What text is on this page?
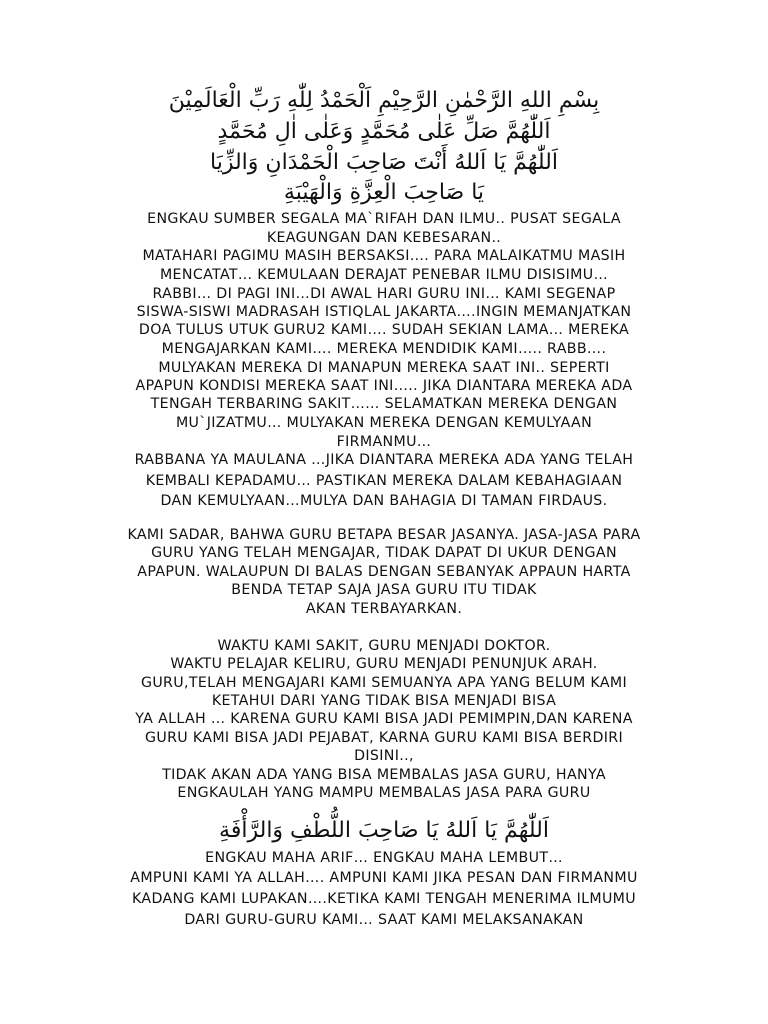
بِسْمِ اللهِ الرَّحْمٰنِ الرَّحِيْمِ اَلْحَمْدُ لِلّٰهِ رَبِّ الْعَالَمِيْنَ
اَللّٰهُمَّ صَلِّ عَلٰى مُحَمَّدٍ وَعَلٰى اٰلِ مُحَمَّدٍ
اَللّٰهُمَّ يَا اَللهُ أَنْتَ صَاحِبَ الْحَمْدَانِ وَالزِّيَا
يَا صَاحِبَ الْعِزَّةِ وَالْهَيْبَةِ
ENGKAU SUMBER SEGALA MA`RIFAH DAN ILMU.. PUSAT SEGALA
KEAGUNGAN DAN KEBESARAN..
MATAHARI PAGIMU MASIH BERSAKSI…. PARA MALAIKATMU MASIH
MENCATAT… KEMULAAN DERAJAT PENEBAR ILMU DISISIMU…
RABBI… DI PAGI INI…DI AWAL HARI GURU INI… KAMI SEGENAP
SISWA-SISWI MADRASAH ISTIQLAL JAKARTA….INGIN MEMANJATKAN
DOA TULUS UTUK GURU2 KAMI…. SUDAH SEKIAN LAMA… MEREKA
MENGAJARKAN KAMI…. MEREKA MENDIDIK KAMI….. RABB….
MULYAKAN MEREKA DI MANAPUN MEREKA SAAT INI.. SEPERTI
APAPUN KONDISI MEREKA SAAT INI….. JIKA DIANTARA MEREKA ADA
TENGAH TERBARING SAKIT…… SELAMATKAN MEREKA DENGAN
MU`JIZATMU… MULYAKAN MEREKA DENGAN KEMULYAAN
FIRMANMU…
RABBANA YA MAULANA …JIKA DIANTARA MEREKA ADA YANG TELAH
KEMBALI KEPADAMU… PASTIKAN MEREKA DALAM KEBAHAGIAAN
DAN KEMULYAAN…MULYA DAN BAHAGIA DI TAMAN FIRDAUS.
KAMI SADAR, BAHWA GURU BETAPA BESAR JASANYA. JASA-JASA PARA
GURU YANG TELAH MENGAJAR, TIDAK DAPAT DI UKUR DENGAN
APAPUN. WALAUPUN DI BALAS DENGAN SEBANYAK APPAUN HARTA
BENDA TETAP SAJA JASA GURU ITU TIDAK
AKAN TERBAYARKAN.
WAKTU KAMI SAKIT, GURU MENJADI DOKTOR.
WAKTU PELAJAR KELIRU, GURU MENJADI PENUNJUK ARAH.
GURU,TELAH MENGAJARI KAMI SEMUANYA APA YANG BELUM KAMI
KETAHUI DARI YANG TIDAK BISA MENJADI BISA
YA ALLAH … KARENA GURU KAMI BISA JADI PEMIMPIN,DAN KARENA
GURU KAMI BISA JADI PEJABAT, KARNA GURU KAMI BISA BERDIRI
DISINI..,
TIDAK AKAN ADA YANG BISA MEMBALAS JASA GURU, HANYA
ENGKAULAH YANG MAMPU MEMBALAS JASA PARA GURU
اَللّٰهُمَّ يَا اَللهُ يَا صَاحِبَ اللُّطْفِ وَالرَّأْفَةِ
ENGKAU MAHA ARIF… ENGKAU MAHA LEMBUT…
AMPUNI KAMI YA ALLAH…. AMPUNI KAMI JIKA PESAN DAN FIRMANMU
KADANG KAMI LUPAKAN….KETIKA KAMI TENGAH MENERIMA ILMUMU
DARI GURU-GURU KAMI… SAAT KAMI MELAKSANAKAN
